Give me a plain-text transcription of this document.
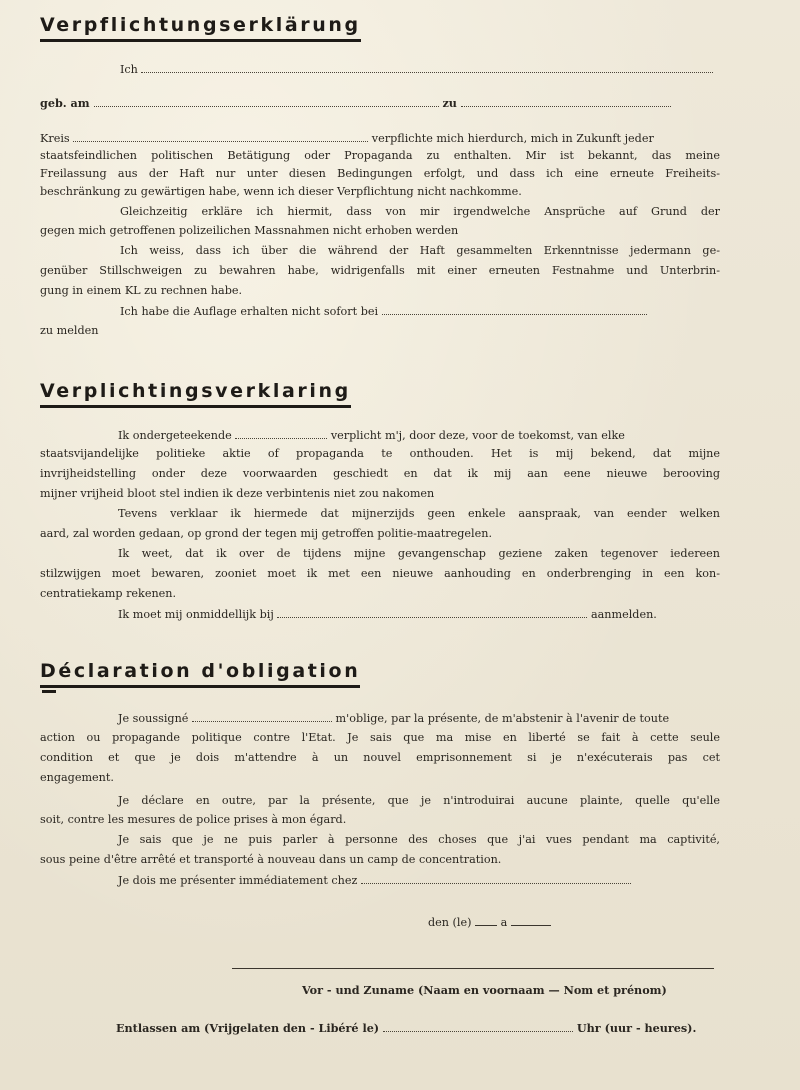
Verpflichtungserklärung
Ich
geb. am	zu
Kreis	verpflichte mich hierdurch, mich in Zukunft jeder
staatsfeindlichen politischen Betätigung oder Propaganda zu enthalten. Mir ist bekannt, das meine
Freilassung aus der Haft nur unter diesen Bedingungen erfolgt, und dass ich eine erneute Freiheits-
beschränkung zu gewärtigen habe, wenn ich dieser Verpflichtung nicht nachkomme.
Gleichzeitig erkläre ich hiermit, dass von mir irgendwelche Ansprüche auf Grund der
gegen mich getroffenen polizeilichen Massnahmen nicht erhoben werden
Ich weiss, dass ich über die während der Haft gesammelten Erkenntnisse jedermann ge-
genüber Stillschweigen zu bewahren habe, widrigenfalls mit einer erneuten Festnahme und Unterbrin-
gung in einem KL zu rechnen habe.
Ich habe die Auflage erhalten nicht sofort bei
zu melden
Verplichtingsverklaring
Ik ondergeteekende	verplicht m'j, door deze, voor de toekomst, van elke
staatsvijandelijke politieke aktie of propaganda te onthouden. Het is mij bekend, dat mijne
invrijheidstelling onder deze voorwaarden geschiedt en dat ik mij aan eene nieuwe berooving
mijner vrijheid bloot stel indien ik deze verbintenis niet zou nakomen
Tevens verklaar ik hiermede dat mijnerzijds geen enkele aanspraak, van eender welken
aard, zal worden gedaan, op grond der tegen mij getroffen politie-maatregelen.
Ik weet, dat ik over de tijdens mijne gevangenschap geziene zaken tegenover iedereen
stilzwijgen moet bewaren, zooniet moet ik met een nieuwe aanhouding en onderbrenging in een kon-
centratiekamp rekenen.
Ik moet mij onmiddellijk bij	aanmelden.
Déclaration d'obligation
Je soussigné	m'oblige, par la présente, de m'abstenir à l'avenir de toute
action ou propagande politique contre l'Etat. Je sais que ma mise en liberté se fait à cette seule
condition et que je dois m'attendre à un nouvel emprisonnement si je n'exécuterais pas cet
engagement.
Je déclare en outre, par la présente, que je n'introduirai aucune plainte, quelle qu'elle
soit, contre les mesures de police prises à mon égard.
Je sais que je ne puis parler à personne des choses que j'ai vues pendant ma captivité,
sous peine d'être arrêté et transporté à nouveau dans un camp de concentration.
Je dois me présenter immédiatement chez
den (le)	a
Vor - und Zuname (Naam en voornaam — Nom et prénom)
Entlassen am (Vrijgelaten den - Libéré le)	Uhr (uur - heures).
